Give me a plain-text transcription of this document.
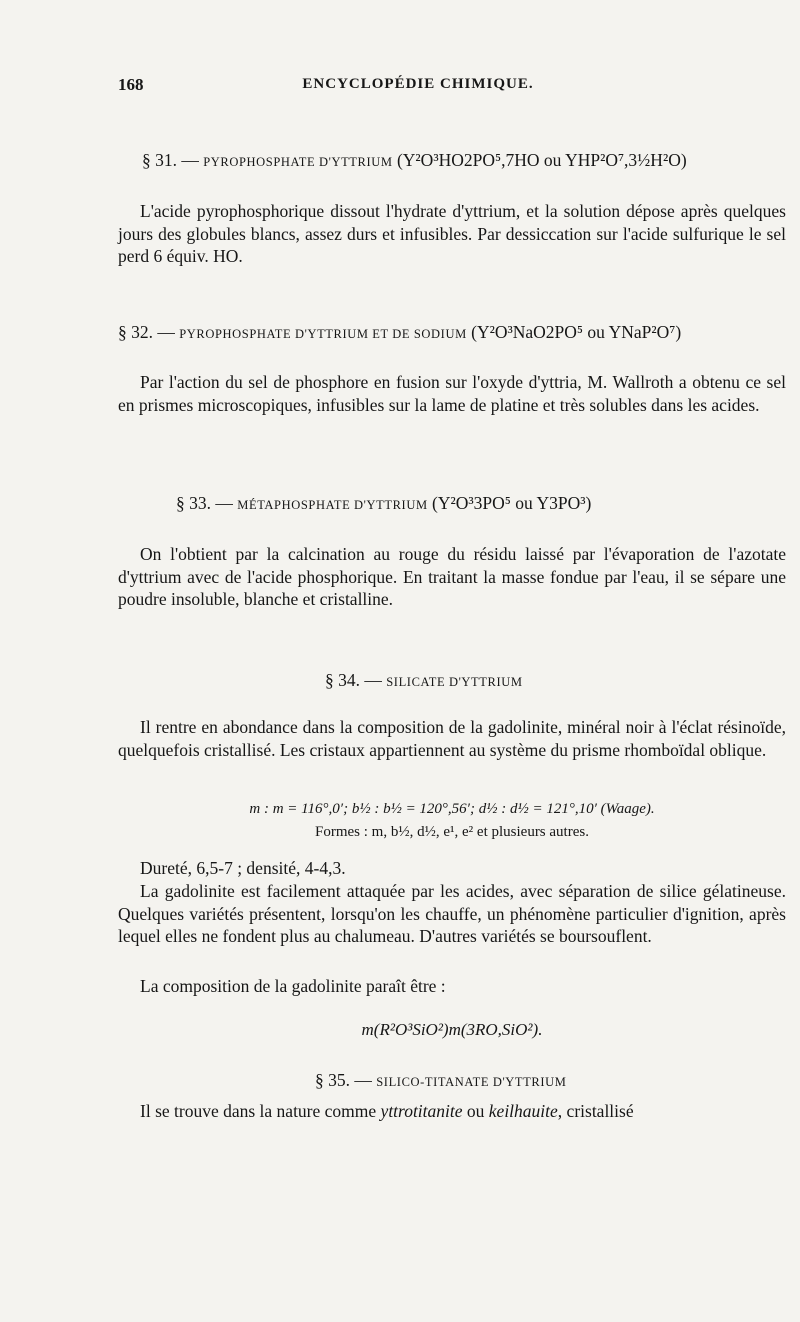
168	ENCYCLOPÉDIE CHIMIQUE.
§ 31. — PYROPHOSPHATE D'YTTRIUM (Y²O³HO2PO⁵,7HO ou YHP²O⁷,3½H²O)

L'acide pyrophosphorique dissout l'hydrate d'yttrium, et la solution dépose après quelques jours des globules blancs, assez durs et infusibles. Par dessiccation sur l'acide sulfurique le sel perd 6 équiv. HO.

§ 32. — PYROPHOSPHATE D'YTTRIUM ET DE SODIUM (Y²O³NaO2PO⁵ ou YNaP²O⁷)

Par l'action du sel de phosphore en fusion sur l'oxyde d'yttria, M. Wallroth a obtenu ce sel en prismes microscopiques, infusibles sur la lame de platine et très solubles dans les acides.

§ 33. — MÉTAPHOSPHATE D'YTTRIUM (Y²O³3PO⁵ ou Y3PO³)

On l'obtient par la calcination au rouge du résidu laissé par l'évaporation de l'azotate d'yttrium avec de l'acide phosphorique. En traitant la masse fondue par l'eau, il se sépare une poudre insoluble, blanche et cristalline.

§ 34. — SILICATE D'YTTRIUM

Il rentre en abondance dans la composition de la gadolinite, minéral noir à l'éclat résinoïde, quelquefois cristallisé. Les cristaux appartiennent au système du prisme rhomboïdal oblique.

m : m = 116°,0′; b½ : b½ = 120°,56′; d½ : d½ = 121°,10′ (Waage).
Formes : m, b½, d½, e¹, e² et plusieurs autres.
Dureté, 6,5-7 ; densité, 4-4,3.

La gadolinite est facilement attaquée par les acides, avec séparation de silice gélatineuse. Quelques variétés présentent, lorsqu'on les chauffe, un phénomène particulier d'ignition, après lequel elles ne fondent plus au chalumeau. D'autres variétés se boursouflent.

La composition de la gadolinite paraît être :
m(R²O³SiO²)m(3RO,SiO²).
§ 35. — SILICO-TITANATE D'YTTRIUM
Il se trouve dans la nature comme yttrotitanite ou keilhauite, cristallisé
